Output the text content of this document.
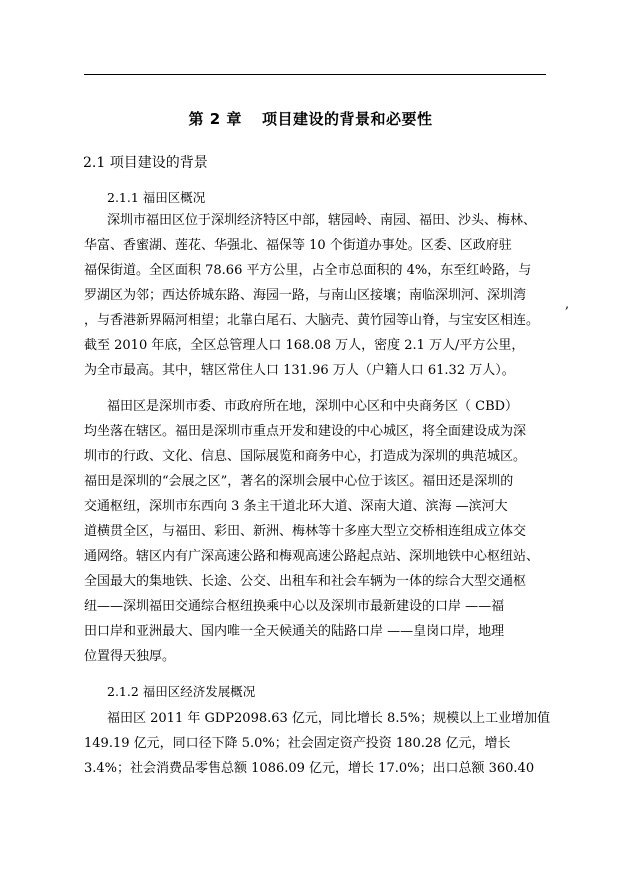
第 2 章 项目建设的背景和必要性
2.1 项目建设的背景
2.1.1 福田区概况
深圳市福田区位于深圳经济特区中部，辖园岭、南园、福田、沙头、梅林、
华富、香蜜湖、莲花、华强北、福保等 10 个街道办事处。区委、区政府驻
福保街道。全区面积 78.66 平方公里，占全市总面积的 4%，东至红岭路，与
罗湖区为邻；西达侨城东路、海园一路，与南山区接壤；南临深圳河、深圳湾
，与香港新界隔河相望；北靠白尾石、大脑壳、黄竹园等山脊，与宝安区相连。
截至 2010 年底，全区总管理人口 168.08 万人，密度 2.1 万人/平方公里，
为全市最高。其中，辖区常住人口 131.96 万人（户籍人口 61.32 万人）。
,
福田区是深圳市委、市政府所在地，深圳中心区和中央商务区（ CBD）
均坐落在辖区。福田是深圳市重点开发和建设的中心城区，将全面建设成为深
圳市的行政、文化、信息、国际展览和商务中心，打造成为深圳的典范城区。
福田是深圳的“会展之区”，著名的深圳会展中心位于该区。福田还是深圳的
交通枢纽，深圳市东西向 3 条主干道北环大道、深南大道、滨海 —滨河大
道横贯全区，与福田、彩田、新洲、梅林等十多座大型立交桥相连组成立体交
通网络。辖区内有广深高速公路和梅观高速公路起点站、深圳地铁中心枢纽站、
全国最大的集地铁、长途、公交、出租车和社会车辆为一体的综合大型交通枢
纽——深圳福田交通综合枢纽换乘中心以及深圳市最新建设的口岸 ——福
田口岸和亚洲最大、国内唯一全天候通关的陆路口岸 ——皇岗口岸，地理
位置得天独厚。
2.1.2 福田区经济发展概况
福田区 2011 年 GDP2098.63 亿元，同比增长 8.5%；规模以上工业增加值
149.19 亿元，同口径下降 5.0%；社会固定资产投资 180.28 亿元，增长
3.4%；社会消费品零售总额 1086.09 亿元，增长 17.0%；出口总额 360.40
